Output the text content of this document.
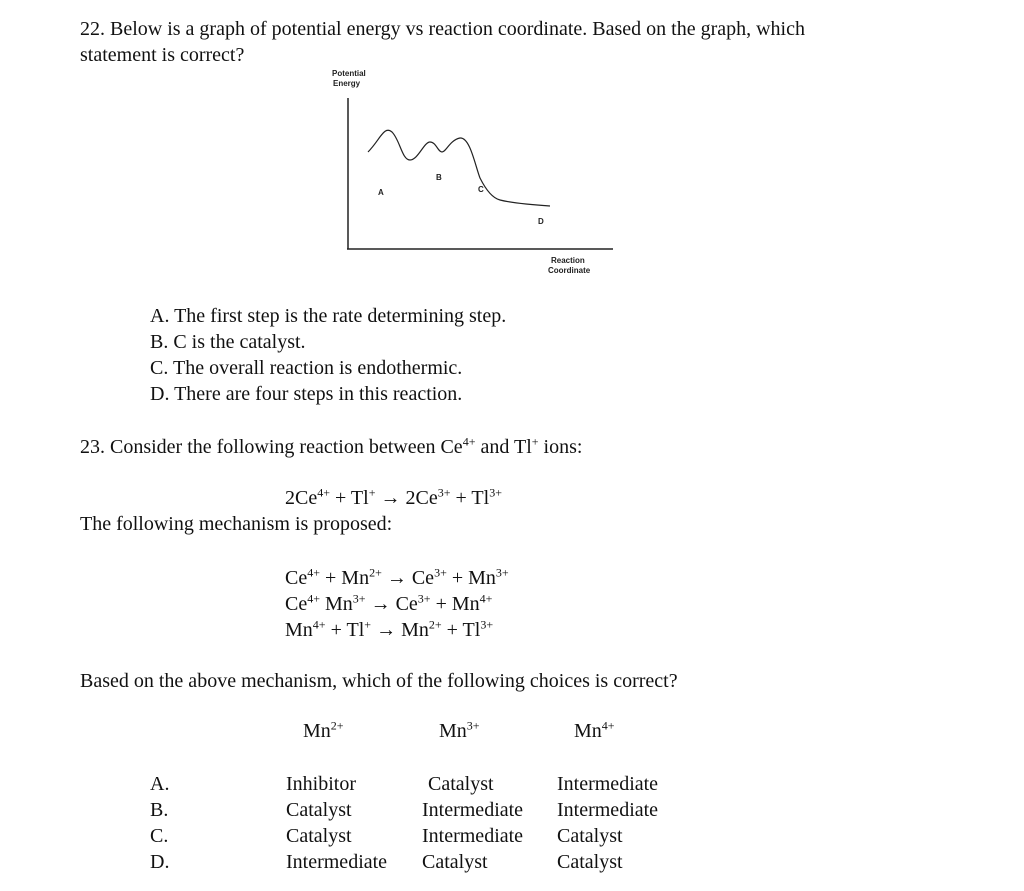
22. Below is a graph of potential energy vs reaction coordinate. Based on the graph, which
statement is correct?
Potential
Energy
A
B
C
D
Reaction
Coordinate
A. The first step is the rate determining step.
B. C is the catalyst.
C. The overall reaction is endothermic.
D. There are four steps in this reaction.
23. Consider the following reaction between $Ce^{4+}$ and Tl+ ions:
$2Ce^{4+} + Tl^+ \to 2Ce^{3+} + Tl^{3+}$
The following mechanism is proposed:
$Ce^{4+} + Mn^{2+} \to Ce^{3+} + Mn^{3+}$
$Ce^{4+}$ $Mn^{3+} \to Ce^{3+} + Mn^{4+}$
$Mn^{4+} + Tl^+ \to Mn^{2+} + Tl^{3+}$
Based on the above mechanism, which of the following choices is correct?
$Mn^{2+}$	$Mn^{3+}$	$Mn^{4+}$
A.	Inhibitor	Catalyst	Intermediate
B.	Catalyst	Intermediate Intermediate
C.	Catalyst	Intermediate Catalyst
D.	Intermediate Catalyst	Catalyst
